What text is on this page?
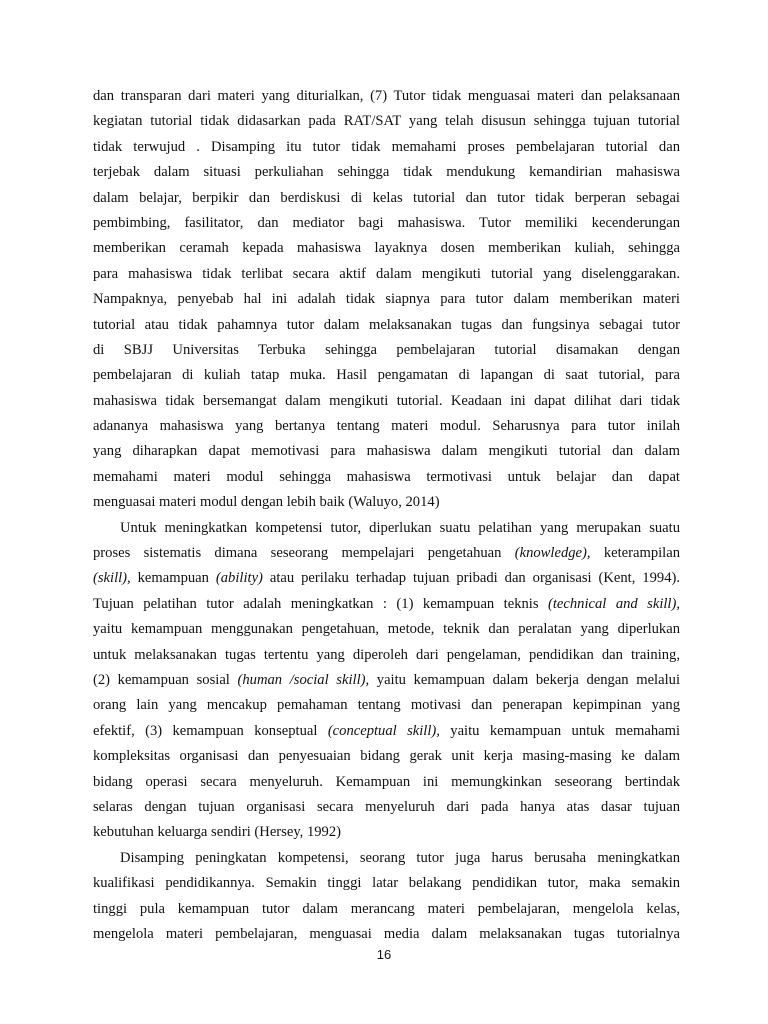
dan transparan dari materi yang diturialkan, (7) Tutor tidak menguasai materi dan pelaksanaan
kegiatan tutorial tidak didasarkan pada RAT/SAT yang telah disusun sehingga tujuan tutorial
tidak terwujud . Disamping itu tutor tidak memahami proses pembelajaran tutorial dan
terjebak dalam situasi perkuliahan sehingga tidak mendukung kemandirian mahasiswa
dalam belajar, berpikir dan berdiskusi di kelas tutorial dan tutor tidak berperan sebagai
pembimbing, fasilitator, dan mediator bagi mahasiswa. Tutor memiliki kecenderungan
memberikan ceramah kepada mahasiswa layaknya dosen memberikan kuliah, sehingga
para mahasiswa tidak terlibat secara aktif dalam mengikuti tutorial yang diselenggarakan.
Nampaknya, penyebab hal ini adalah tidak siapnya para tutor dalam memberikan materi
tutorial atau tidak pahamnya tutor dalam melaksanakan tugas dan fungsinya sebagai tutor
di SBJJ Universitas Terbuka sehingga pembelajaran tutorial disamakan dengan
pembelajaran di kuliah tatap muka. Hasil pengamatan di lapangan di saat tutorial, para
mahasiswa tidak bersemangat dalam mengikuti tutorial. Keadaan ini dapat dilihat dari tidak
adananya mahasiswa yang bertanya tentang materi modul. Seharusnya para tutor inilah
yang diharapkan dapat memotivasi para mahasiswa dalam mengikuti tutorial dan dalam
memahami materi modul sehingga mahasiswa termotivasi untuk belajar dan dapat
menguasai materi modul dengan lebih baik (Waluyo, 2014)
Untuk meningkatkan kompetensi tutor, diperlukan suatu pelatihan yang merupakan suatu
proses sistematis dimana seseorang mempelajari pengetahuan (knowledge), keterampilan
(skill), kemampuan (ability) atau perilaku terhadap tujuan pribadi dan organisasi (Kent, 1994).
Tujuan pelatihan tutor adalah meningkatkan : (1) kemampuan teknis (technical and skill),
yaitu kemampuan menggunakan pengetahuan, metode, teknik dan peralatan yang diperlukan
untuk melaksanakan tugas tertentu yang diperoleh dari pengelaman, pendidikan dan training,
(2) kemampuan sosial (human /social skill), yaitu kemampuan dalam bekerja dengan melalui
orang lain yang mencakup pemahaman tentang motivasi dan penerapan kepimpinan yang
efektif, (3) kemampuan konseptual (conceptual skill), yaitu kemampuan untuk memahami
kompleksitas organisasi dan penyesuaian bidang gerak unit kerja masing-masing ke dalam
bidang operasi secara menyeluruh. Kemampuan ini memungkinkan seseorang bertindak
selaras dengan tujuan organisasi secara menyeluruh dari pada hanya atas dasar tujuan
kebutuhan keluarga sendiri (Hersey, 1992)
Disamping peningkatan kompetensi, seorang tutor juga harus berusaha meningkatkan
kualifikasi pendidikannya. Semakin tinggi latar belakang pendidikan tutor, maka semakin
tinggi pula kemampuan tutor dalam merancang materi pembelajaran, mengelola kelas,
mengelola materi pembelajaran, menguasai media dalam melaksanakan tugas tutorialnya
16
